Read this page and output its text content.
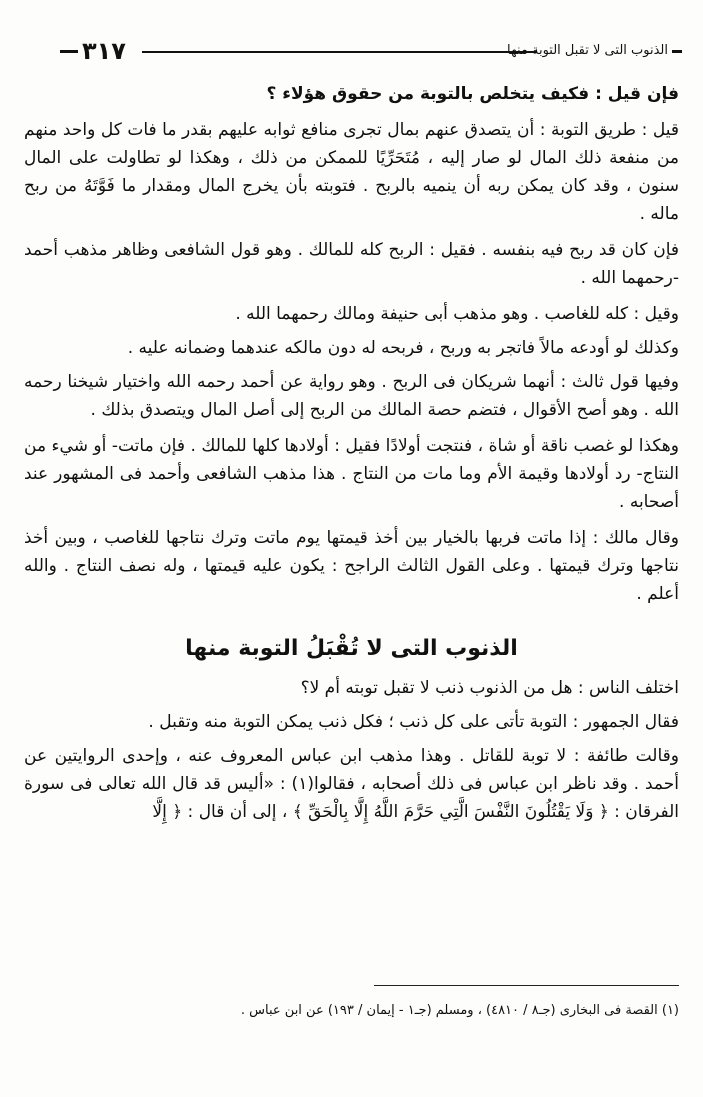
٣١٧	الذنوب التى لا تقبل التوبة منها

فإن قيل : فكيف يتخلص بالتوبة من حقوق هؤلاء ؟

قيل : طريق التوبة : أن يتصدق عنهم بمال تجرى منافع ثوابه عليهم بقدر ما فات كل واحد منهم من منفعة ذلك المال لو صار إليه ، مُتَحَرِّيًا للممكن من ذلك ، وهكذا لو تطاولت على المال سنون ، وقد كان يمكن ربه أن ينميه بالربح . فتوبته بأن يخرج المال ومقدار ما فَوَّتَهُ من ربح ماله .

فإن كان قد ربح فيه بنفسه . فقيل : الربح كله للمالك . وهو قول الشافعى وظاهر مذهب أحمد -رحمهما الله .

وقيل : كله للغاصب . وهو مذهب أبى حنيفة ومالك رحمهما الله .

وكذلك لو أودعه مالاً فاتجر به وربح ، فربحه له دون مالكه عندهما وضمانه عليه .

وفيها قول ثالث : أنهما شريكان فى الربح . وهو رواية عن أحمد رحمه الله واختيار شيخنا رحمه الله . وهو أصح الأقوال ، فتضم حصة المالك من الربح إلى أصل المال ويتصدق بذلك .

وهكذا لو غصب ناقة أو شاة ، فنتجت أولادًا فقيل : أولادها كلها للمالك . فإن ماتت- أو شيء من النتاج- رد أولادها وقيمة الأم وما مات من النتاج . هذا مذهب الشافعى وأحمد فى المشهور عند أصحابه .

وقال مالك : إذا ماتت فربها بالخيار بين أخذ قيمتها يوم ماتت وترك نتاجها للغاصب ، وبين أخذ نتاجها وترك قيمتها . وعلى القول الثالث الراجح : يكون عليه قيمتها ، وله نصف النتاج . والله أعلم .

الذنوب التى لا تُقْبَلُ التوبة منها

اختلف الناس : هل من الذنوب ذنب لا تقبل توبته أم لا؟

فقال الجمهور : التوبة تأتى على كل ذنب ؛ فكل ذنب يمكن التوبة منه وتقبل .

وقالت طائفة : لا توبة للقاتل . وهذا مذهب ابن عباس المعروف عنه ، وإحدى الروايتين عن أحمد . وقد ناظر ابن عباس فى ذلك أصحابه ، فقالوا(١) : «أليس قد قال الله تعالى فى سورة الفرقان : ﴿ وَلَا يَقْتُلُونَ النَّفْسَ الَّتِي حَرَّمَ اللَّهُ إِلَّا بِالْحَقِّ ﴾ ، إلى أن قال : ﴿ إِلَّا

(١) القصة فى البخارى (جـ٨ / ٤٨١٠) ، ومسلم (جـ١ - إيمان / ١٩٣) عن ابن عباس .
